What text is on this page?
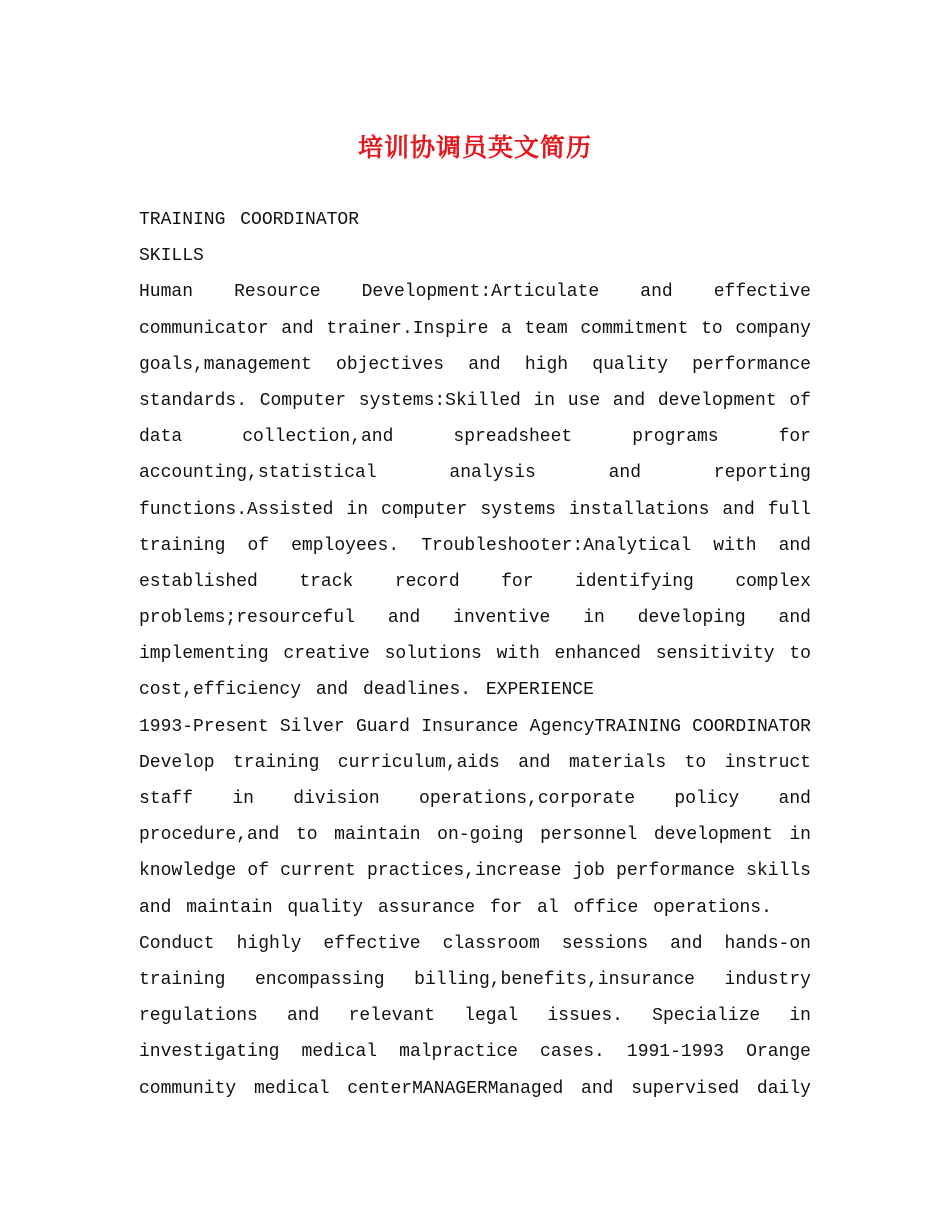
培训协调员英文简历
TRAINING COORDINATOR
SKILLS
Human Resource Development:Articulate and effective
communicator and trainer.Inspire a team commitment to company
goals,management objectives and high quality performance
standards. Computer systems:Skilled in use and development of
data	collection,and	spreadsheet	programs	for
accounting,statistical	analysis	and	reporting
functions.Assisted in computer systems installations and full
training of employees. Troubleshooter:Analytical with and
established track record for identifying complex
problems;resourceful and inventive in developing and
implementing creative solutions with enhanced sensitivity to
cost,efficiency and deadlines. EXPERIENCE
1993-Present Silver Guard Insurance AgencyTRAINING COORDINATOR
Develop training curriculum,aids and materials to instruct
staff in division operations,corporate policy and
procedure,and to maintain on-going personnel development in
knowledge of current practices,increase job performance skills
and maintain quality assurance for al office operations.
Conduct highly effective classroom sessions and hands-on
training encompassing billing,benefits,insurance industry
regulations and relevant legal issues. Specialize in
investigating medical malpractice cases. 1991-1993 Orange
community medical centerMANAGERManaged and supervised daily
